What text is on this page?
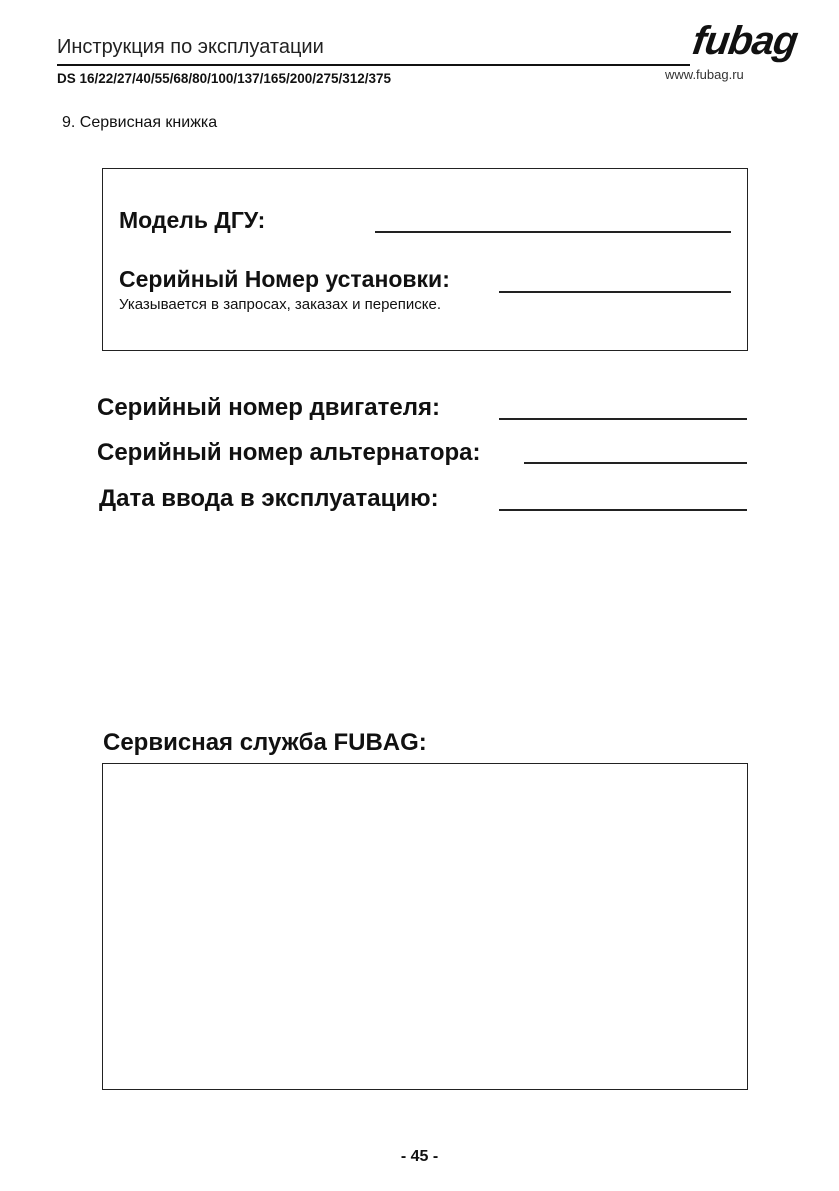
Инструкция по эксплуатации
DS 16/22/27/40/55/68/80/100/137/165/200/275/312/375
fubag
www.fubag.ru
9. Сервисная книжка
Модель ДГУ:
Серийный Номер установки:
Указывается в запросах, заказах и переписке.
Серийный номер двигателя:
Серийный номер альтернатора:
Дата ввода в эксплуатацию:
Сервисная служба FUBAG:
- 45 -
